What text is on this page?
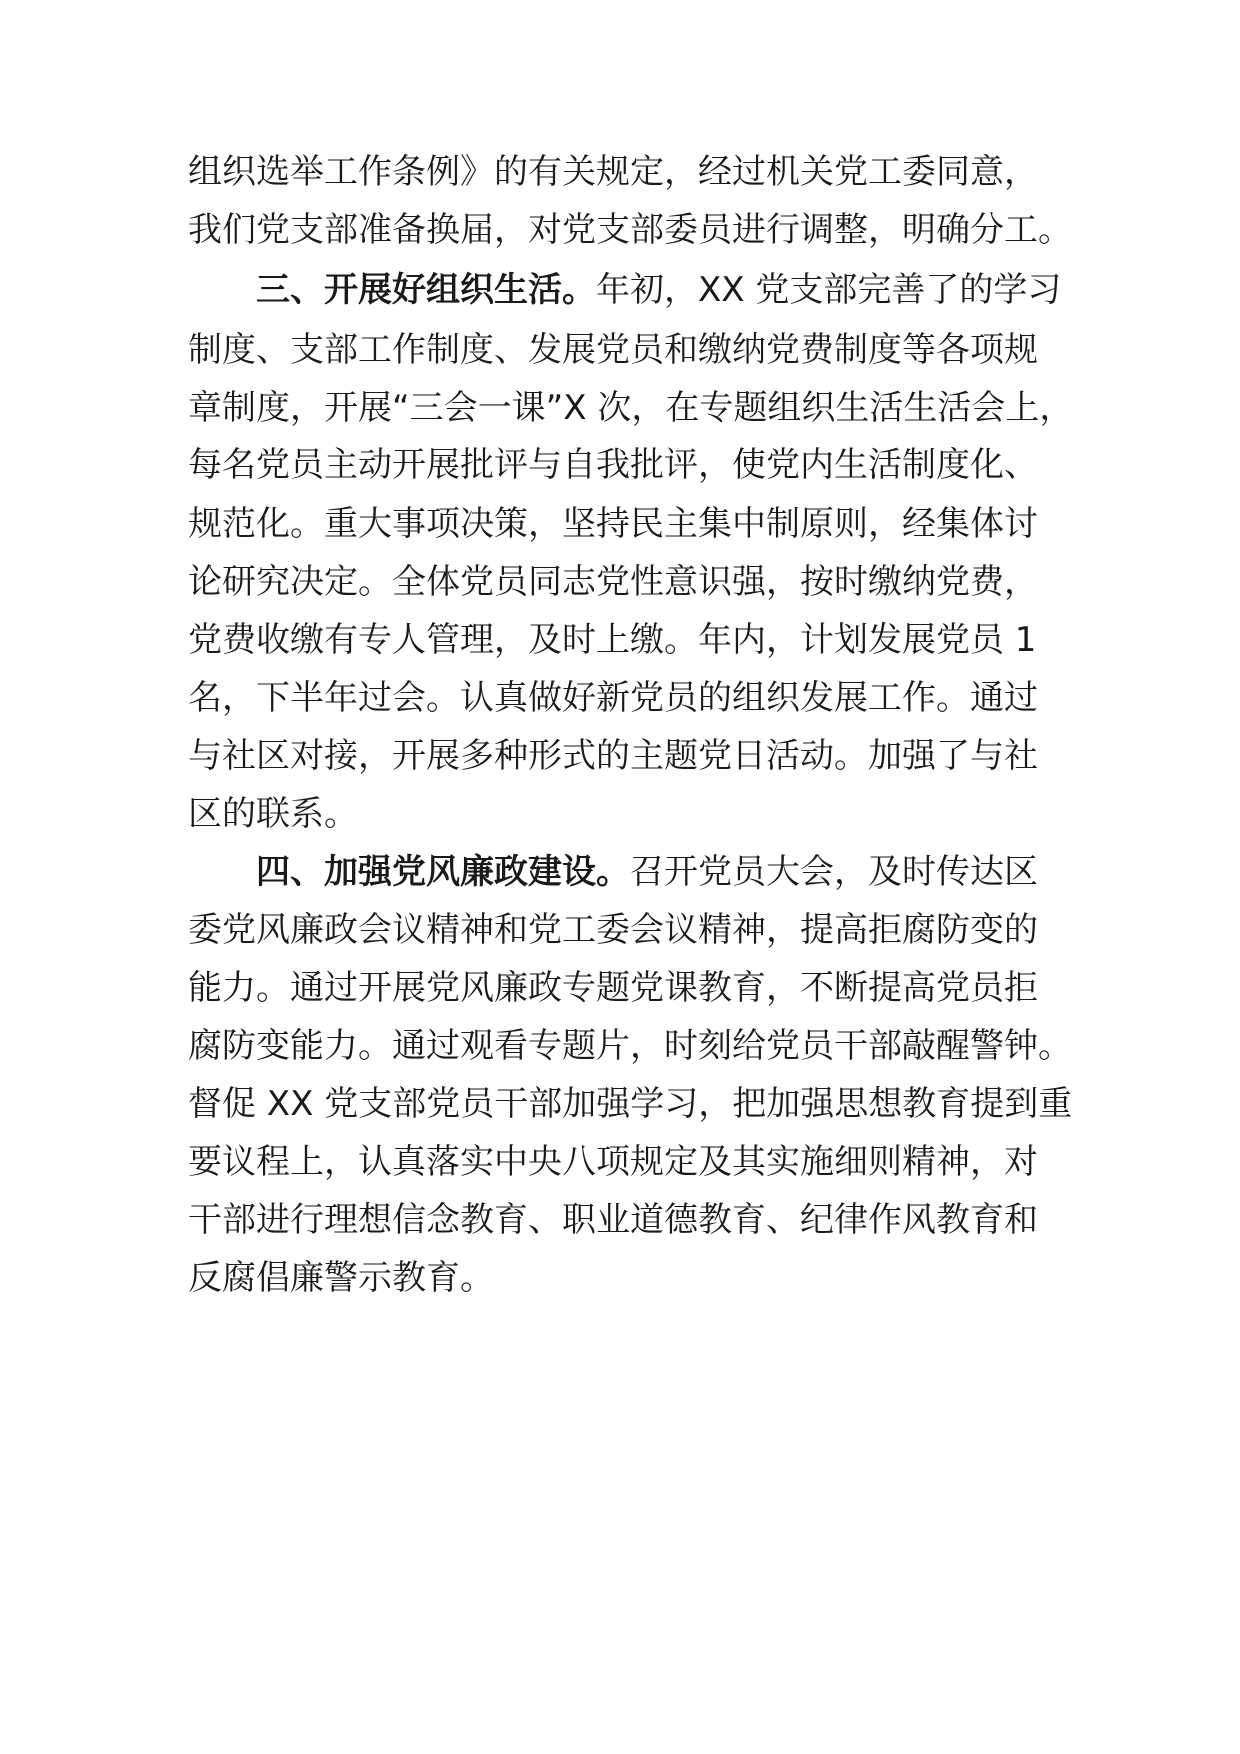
组织选举工作条例》的有关规定，经过机关党工委同意，
我们党支部准备换届，对党支部委员进行调整，明确分工。
三、开展好组织生活。年初，XX 党支部完善了的学习
制度、支部工作制度、发展党员和缴纳党费制度等各项规
章制度，开展“三会一课”X 次，在专题组织生活生活会上，
每名党员主动开展批评与自我批评，使党内生活制度化、
规范化。重大事项决策，坚持民主集中制原则，经集体讨
论研究决定。全体党员同志党性意识强，按时缴纳党费，
党费收缴有专人管理，及时上缴。年内，计划发展党员 1
名，下半年过会。认真做好新党员的组织发展工作。通过
与社区对接，开展多种形式的主题党日活动。加强了与社
区的联系。
四、加强党风廉政建设。召开党员大会，及时传达区
委党风廉政会议精神和党工委会议精神，提高拒腐防变的
能力。通过开展党风廉政专题党课教育，不断提高党员拒
腐防变能力。通过观看专题片，时刻给党员干部敲醒警钟。
督促 XX 党支部党员干部加强学习，把加强思想教育提到重
要议程上，认真落实中央八项规定及其实施细则精神，对
干部进行理想信念教育、职业道德教育、纪律作风教育和
反腐倡廉警示教育。
